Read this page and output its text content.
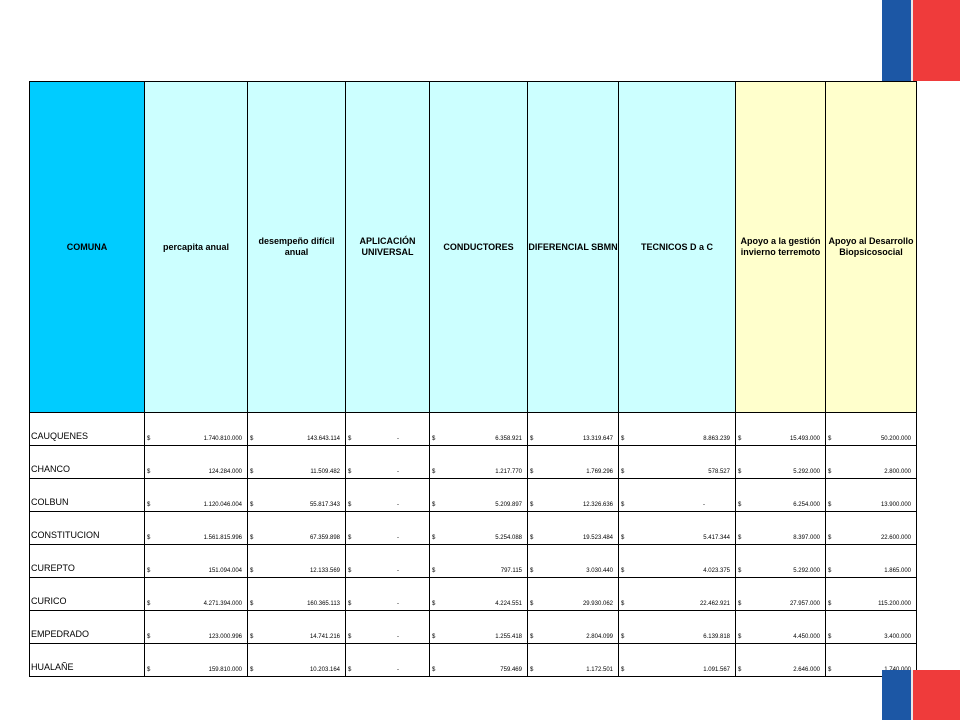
COMUNA	percapita anual	desempeño difícil anual	APLICACIÓN UNIVERSAL	CONDUCTORES	DIFERENCIAL SBMN	TECNICOS D a C	Apoyo a la gestión invierno terremoto	Apoyo al Desarrollo Biopsicosocial

CAUQUENES	$ 1.740.810.000	$ 143.643.114	$ -	$ 6.358.921	$ 13.319.647	$ 8.863.239	$ 15.493.000	$ 50.200.000

CHANCO	$ 124.284.000	$ 11.509.482	$ -	$ 1.217.770	$ 1.769.296	$ 578.527	$ 5.292.000	$ 2.800.000

COLBUN	$ 1.120.046.004	$ 55.817.343	$ -	$ 5.209.897	$ 12.326.636	$ -	$ 6.254.000	$ 13.900.000

CONSTITUCION	$ 1.561.815.996	$ 67.359.898	$ -	$ 5.254.088	$ 19.523.484	$ 5.417.344	$ 8.397.000	$ 22.600.000

CUREPTO	$ 151.094.004	$ 12.133.569	$ -	$ 797.115	$ 3.030.440	$ 4.023.375	$ 5.292.000	$ 1.865.000

CURICO	$ 4.271.394.000	$ 160.365.113	$ -	$ 4.224.551	$ 29.930.062	$ 22.462.921	$ 27.957.000	$ 115.200.000

EMPEDRADO	$ 123.000.996	$ 14.741.216	$ -	$ 1.255.418	$ 2.804.099	$ 6.139.818	$ 4.450.000	$ 3.400.000

HUALAÑE	$ 159.810.000	$ 10.203.164	$ -	$ 759.469	$ 1.172.501	$ 1.091.567	$ 2.646.000	$
